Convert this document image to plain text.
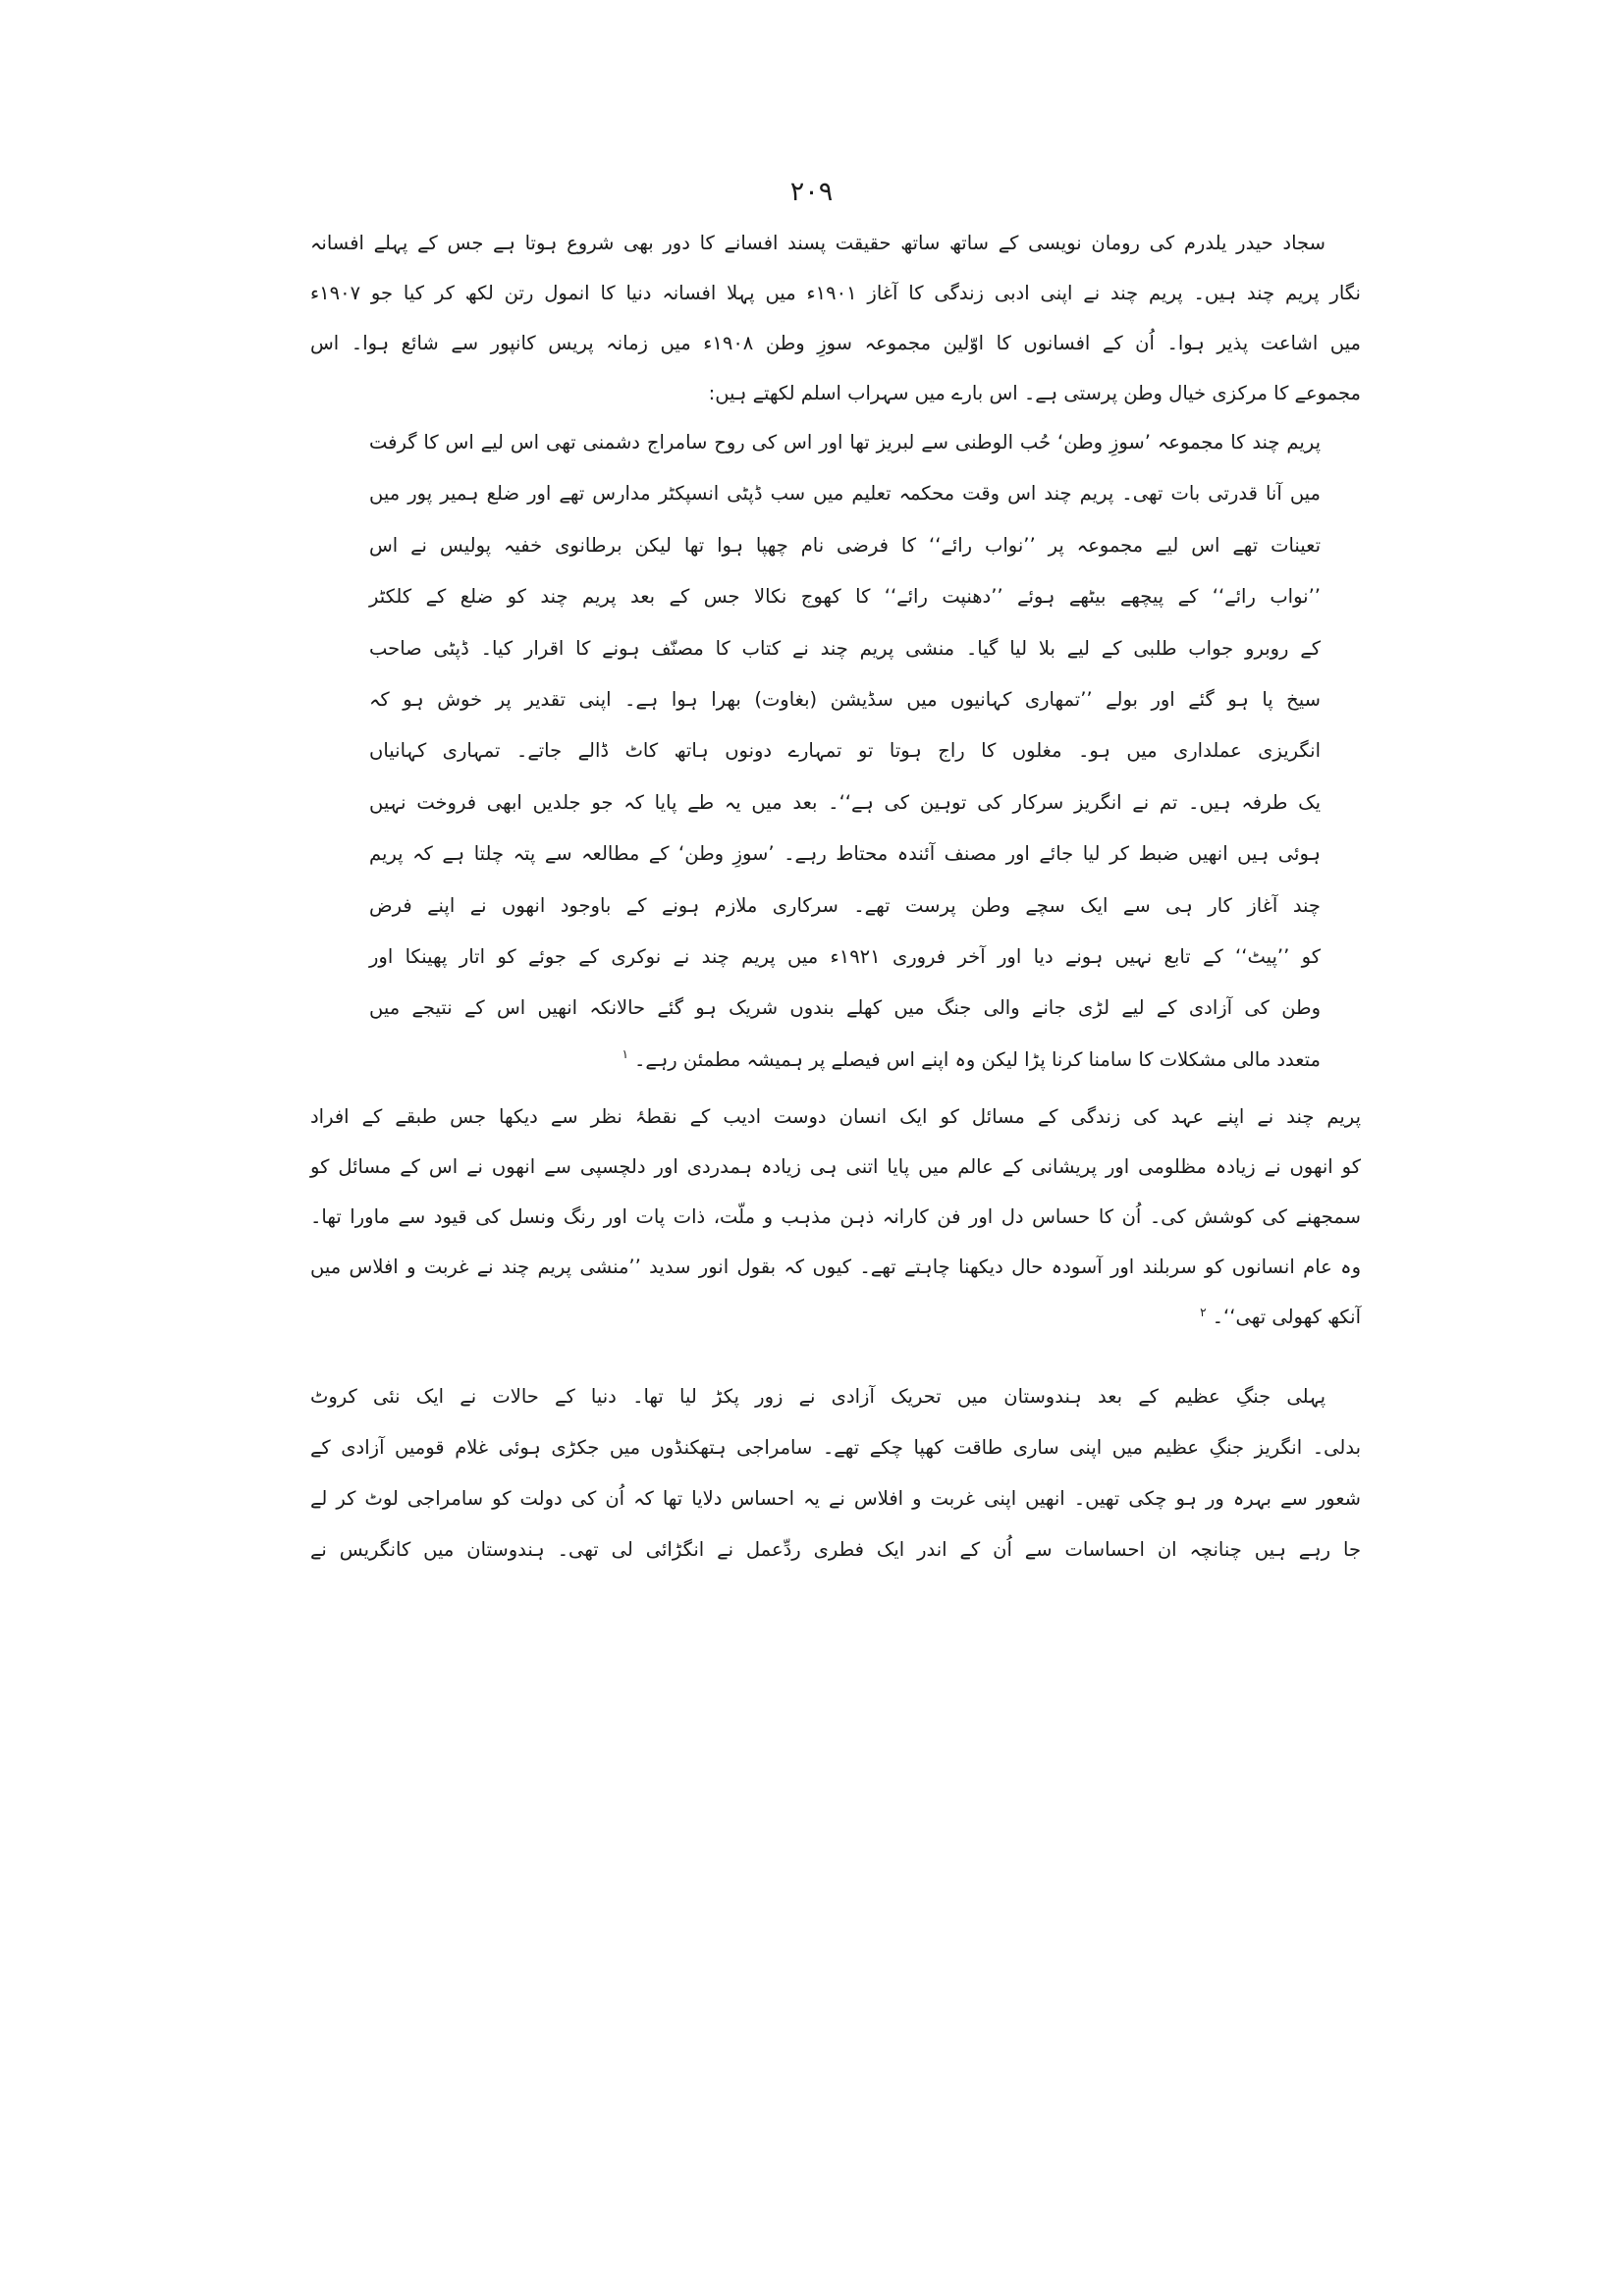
۲۰۹
سجاد حیدر یلدرم کی رومان نویسی کے ساتھ ساتھ حقیقت پسند افسانے کا دور بھی شروع ہوتا ہے جس کے پہلے افسانہ
نگار پریم چند ہیں۔ پریم چند نے اپنی ادبی زندگی کا آغاز ۱۹۰۱ء میں پہلا افسانہ دنیا کا انمول رتن لکھ کر کیا جو ۱۹۰۷ء
میں اشاعت پذیر ہوا۔ اُن کے افسانوں کا اوّلین مجموعہ سوزِ وطن ۱۹۰۸ء میں زمانہ پریس کانپور سے شائع ہوا۔ اس
مجموعے کا مرکزی خیال وطن پرستی ہے۔ اس بارے میں سہراب اسلم لکھتے ہیں:
پریم چند کا مجموعہ ’سوزِ وطن‘ حُب الوطنی سے لبریز تھا اور اس کی روح سامراج دشمنی تھی اس لیے اس کا گرفت
میں آنا قدرتی بات تھی۔ پریم چند اس وقت محکمہ تعلیم میں سب ڈپٹی انسپکٹر مدارس تھے اور ضلع ہمیر پور میں
تعینات تھے اس لیے مجموعہ پر ’’نواب رائے‘‘ کا فرضی نام چھپا ہوا تھا لیکن برطانوی خفیہ پولیس نے اس
’’نواب رائے‘‘ کے پیچھے بیٹھے ہوئے ’’دھنپت رائے‘‘ کا کھوج نکالا جس کے بعد پریم چند کو ضلع کے کلکٹر
کے روبرو جواب طلبی کے لیے بلا لیا گیا۔ منشی پریم چند نے کتاب کا مصنّف ہونے کا اقرار کیا۔ ڈپٹی صاحب
سیخ پا ہو گئے اور بولے ’’تمھاری کہانیوں میں سڈیشن (بغاوت) بھرا ہوا ہے۔ اپنی تقدیر پر خوش ہو کہ
انگریزی عملداری میں ہو۔ مغلوں کا راج ہوتا تو تمہارے دونوں ہاتھ کاٹ ڈالے جاتے۔ تمہاری کہانیاں
یک طرفہ ہیں۔ تم نے انگریز سرکار کی توہین کی ہے‘‘۔ بعد میں یہ طے پایا کہ جو جلدیں ابھی فروخت نہیں
ہوئی ہیں انھیں ضبط کر لیا جائے اور مصنف آئندہ محتاط رہے۔ ’سوزِ وطن‘ کے مطالعہ سے پتہ چلتا ہے کہ پریم
چند آغاز کار ہی سے ایک سچے وطن پرست تھے۔ سرکاری ملازم ہونے کے باوجود انھوں نے اپنے فرض
کو ’’پیٹ‘‘ کے تابع نہیں ہونے دیا اور آخر فروری ۱۹۲۱ء میں پریم چند نے نوکری کے جوئے کو اتار پھینکا اور
وطن کی آزادی کے لیے لڑی جانے والی جنگ میں کھلے بندوں شریک ہو گئے حالانکہ انھیں اس کے نتیجے میں
متعدد مالی مشکلات کا سامنا کرنا پڑا لیکن وہ اپنے اس فیصلے پر ہمیشہ مطمئن رہے۔$^۱$
پریم چند نے اپنے عہد کی زندگی کے مسائل کو ایک انسان دوست ادیب کے نقطۂ نظر سے دیکھا جس طبقے کے افراد
کو انھوں نے زیادہ مظلومی اور پریشانی کے عالم میں پایا اتنی ہی زیادہ ہمدردی اور دلچسپی سے انھوں نے اس کے مسائل کو
سمجھنے کی کوشش کی۔ اُن کا حساس دل اور فن کارانہ ذہن مذہب و ملّت، ذات پات اور رنگ ونسل کی قیود سے ماورا تھا۔
وہ عام انسانوں کو سربلند اور آسودہ حال دیکھنا چاہتے تھے۔ کیوں کہ بقول انور سدید ’’منشی پریم چند نے غربت و افلاس میں
آنکھ کھولی تھی‘‘۔$^۲$
پہلی جنگِ عظیم کے بعد ہندوستان میں تحریک آزادی نے زور پکڑ لیا تھا۔ دنیا کے حالات نے ایک نئی کروٹ
بدلی۔ انگریز جنگِ عظیم میں اپنی ساری طاقت کھپا چکے تھے۔ سامراجی ہتھکنڈوں میں جکڑی ہوئی غلام قومیں آزادی کے
شعور سے بہرہ ور ہو چکی تھیں۔ انھیں اپنی غربت و افلاس نے یہ احساس دلایا تھا کہ اُن کی دولت کو سامراجی لوٹ کر لے
جا رہے ہیں چنانچہ ان احساسات سے اُن کے اندر ایک فطری ردِّعمل نے انگڑائی لی تھی۔ ہندوستان میں کانگریس نے
